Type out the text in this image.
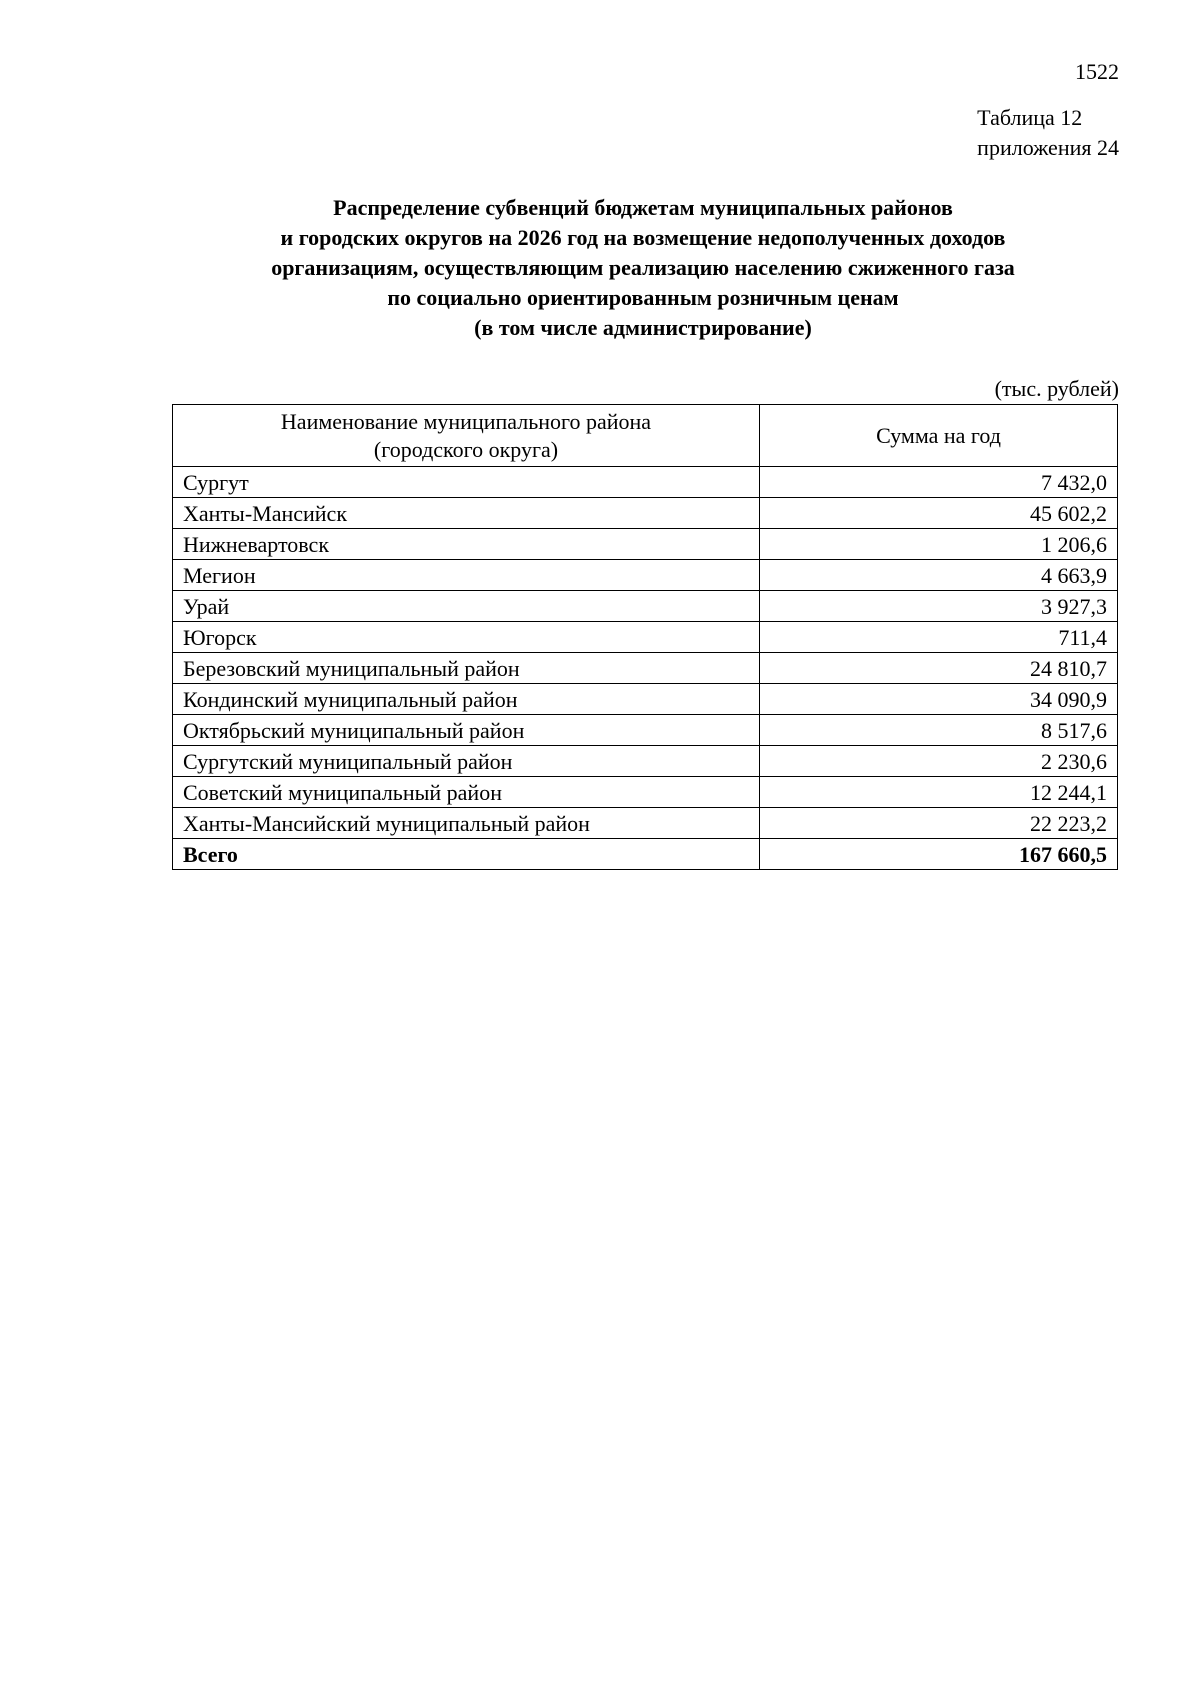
1522
Таблица 12
приложения 24
Распределение субвенций бюджетам муниципальных районов
и городских округов на 2026 год на возмещение недополученных доходов
организациям, осуществляющим реализацию населению сжиженного газа
по социально ориентированным розничным ценам
(в том числе администрирование)
(тыс. рублей)
Наименование муниципального района
(городского округа)	Сумма на год
Сургут	7 432,0
Ханты-Мансийск	45 602,2
Нижневартовск	1 206,6
Мегион	4 663,9
Урай	3 927,3
Югорск	711,4
Березовский муниципальный район	24 810,7
Кондинский муниципальный район	34 090,9
Октябрьский муниципальный район	8 517,6
Сургутский муниципальный район	2 230,6
Советский муниципальный район	12 244,1
Ханты-Мансийский муниципальный район	22 223,2
Всего	167 660,5
